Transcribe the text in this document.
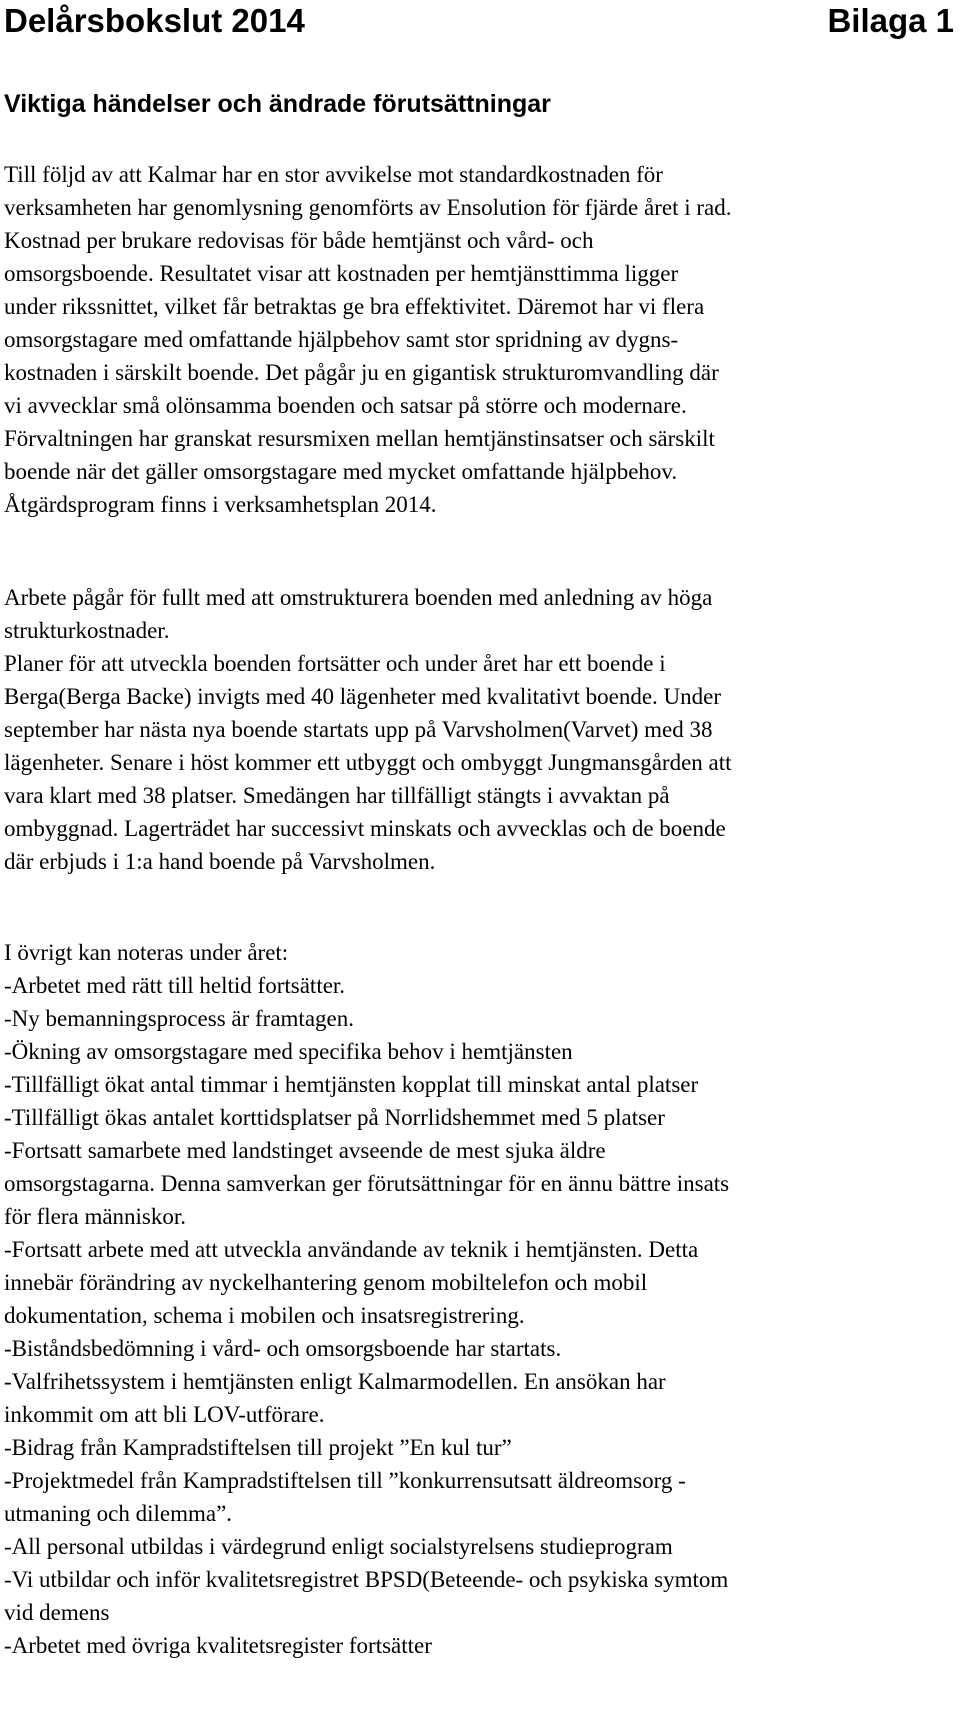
Delårsbokslut 2014	Bilaga 1
Viktiga händelser och ändrade förutsättningar
Till följd av att Kalmar har en stor avvikelse mot standardkostnaden för
verksamheten har genomlysning genomförts av Ensolution för fjärde året i rad.
Kostnad per brukare redovisas för både hemtjänst och vård- och
omsorgsboende. Resultatet visar att kostnaden per hemtjänsttimma ligger
under rikssnittet, vilket får betraktas ge bra effektivitet. Däremot har vi flera
omsorgstagare med omfattande hjälpbehov samt stor spridning av dygns-
kostnaden i särskilt boende. Det pågår ju en gigantisk strukturomvandling där
vi avvecklar små olönsamma boenden och satsar på större och modernare.
Förvaltningen har granskat resursmixen mellan hemtjänstinsatser och särskilt
boende när det gäller omsorgstagare med mycket omfattande hjälpbehov.
Åtgärdsprogram finns i verksamhetsplan 2014.
Arbete pågår för fullt med att omstrukturera boenden med anledning av höga
strukturkostnader.
Planer för att utveckla boenden fortsätter och under året har ett boende i
Berga(Berga Backe) invigts med 40 lägenheter med kvalitativt boende. Under
september har nästa nya boende startats upp på Varvsholmen(Varvet) med 38
lägenheter. Senare i höst kommer ett utbyggt och ombyggt Jungmansgården att
vara klart med 38 platser. Smedängen har tillfälligt stängts i avvaktan på
ombyggnad. Lagerträdet har successivt minskats och avvecklas och de boende
där erbjuds i 1:a hand boende på Varvsholmen.
I övrigt kan noteras under året:
-Arbetet med rätt till heltid fortsätter.
-Ny bemanningsprocess är framtagen.
-Ökning av omsorgstagare med specifika behov i hemtjänsten
-Tillfälligt ökat antal timmar i hemtjänsten kopplat till minskat antal platser
-Tillfälligt ökas antalet korttidsplatser på Norrlidshemmet med 5 platser
-Fortsatt samarbete med landstinget avseende de mest sjuka äldre
omsorgstagarna. Denna samverkan ger förutsättningar för en ännu bättre insats
för flera människor.
-Fortsatt arbete med att utveckla användande av teknik i hemtjänsten. Detta
innebär förändring av nyckelhantering genom mobiltelefon och mobil
dokumentation, schema i mobilen och insatsregistrering.
-Biståndsbedömning i vård- och omsorgsboende har startats.
-Valfrihetssystem i hemtjänsten enligt Kalmarmodellen. En ansökan har
inkommit om att bli LOV-utförare.
-Bidrag från Kampradstiftelsen till projekt ”En kul tur”
-Projektmedel från Kampradstiftelsen till ”konkurrensutsatt äldreomsorg -
utmaning och dilemma”.
-All personal utbildas i värdegrund enligt socialstyrelsens studieprogram
-Vi utbildar och inför kvalitetsregistret BPSD(Beteende- och psykiska symtom
vid demens
-Arbetet med övriga kvalitetsregister fortsätter
